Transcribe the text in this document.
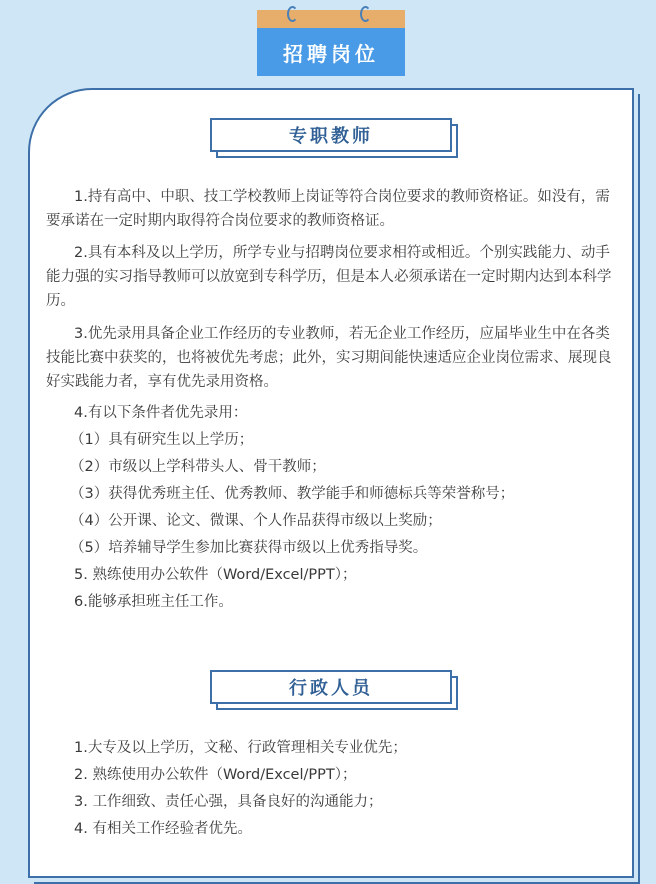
招聘岗位
专职教师

1.持有高中、中职、技工学校教师上岗证等符合岗位要求的教师资格证。如没有，需要承诺在一定时期内取得符合岗位要求的教师资格证。

2.具有本科及以上学历，所学专业与招聘岗位要求相符或相近。个别实践能力、动手能力强的实习指导教师可以放宽到专科学历，但是本人必须承诺在一定时期内达到本科学历。

3.优先录用具备企业工作经历的专业教师，若无企业工作经历，应届毕业生中在各类技能比赛中获奖的，也将被优先考虑；此外，实习期间能快速适应企业岗位需求、展现良好实践能力者，享有优先录用资格。

4.有以下条件者优先录用：

（1）具有研究生以上学历；

（2）市级以上学科带头人、骨干教师；

（3）获得优秀班主任、优秀教师、教学能手和师德标兵等荣誉称号；

（4）公开课、论文、微课、个人作品获得市级以上奖励；

（5）培养辅导学生参加比赛获得市级以上优秀指导奖。

5. 熟练使用办公软件（Word/Excel/PPT）；

6.能够承担班主任工作。

行政人员

1.大专及以上学历，文秘、行政管理相关专业优先；

2. 熟练使用办公软件（Word/Excel/PPT）；

3. 工作细致、责任心强，具备良好的沟通能力；

4. 有相关工作经验者优先。
